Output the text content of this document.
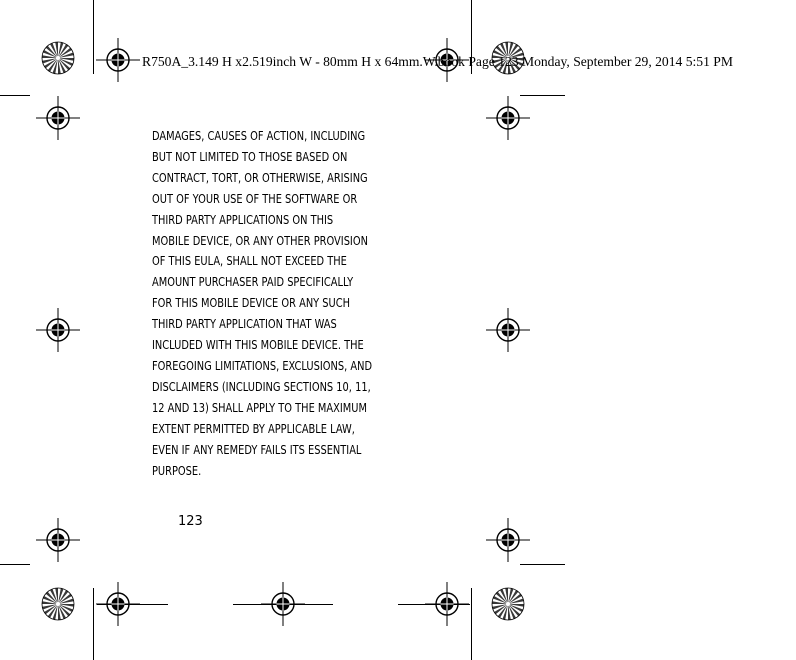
R750A_3.149 H x2.519inch W - 80mm H x 64mm.W.book Page 123 Monday, September 29, 2014 5:51 PM
DAMAGES, CAUSES OF ACTION, INCLUDING
BUT NOT LIMITED TO THOSE BASED ON
CONTRACT, TORT, OR OTHERWISE, ARISING
OUT OF YOUR USE OF THE SOFTWARE OR
THIRD PARTY APPLICATIONS ON THIS
MOBILE DEVICE, OR ANY OTHER PROVISION
OF THIS EULA, SHALL NOT EXCEED THE
AMOUNT PURCHASER PAID SPECIFICALLY
FOR THIS MOBILE DEVICE OR ANY SUCH
THIRD PARTY APPLICATION THAT WAS
INCLUDED WITH THIS MOBILE DEVICE. THE
FOREGOING LIMITATIONS, EXCLUSIONS, AND
DISCLAIMERS (INCLUDING SECTIONS 10, 11,
12 AND 13) SHALL APPLY TO THE MAXIMUM
EXTENT PERMITTED BY APPLICABLE LAW,
EVEN IF ANY REMEDY FAILS ITS ESSENTIAL
PURPOSE.
123
